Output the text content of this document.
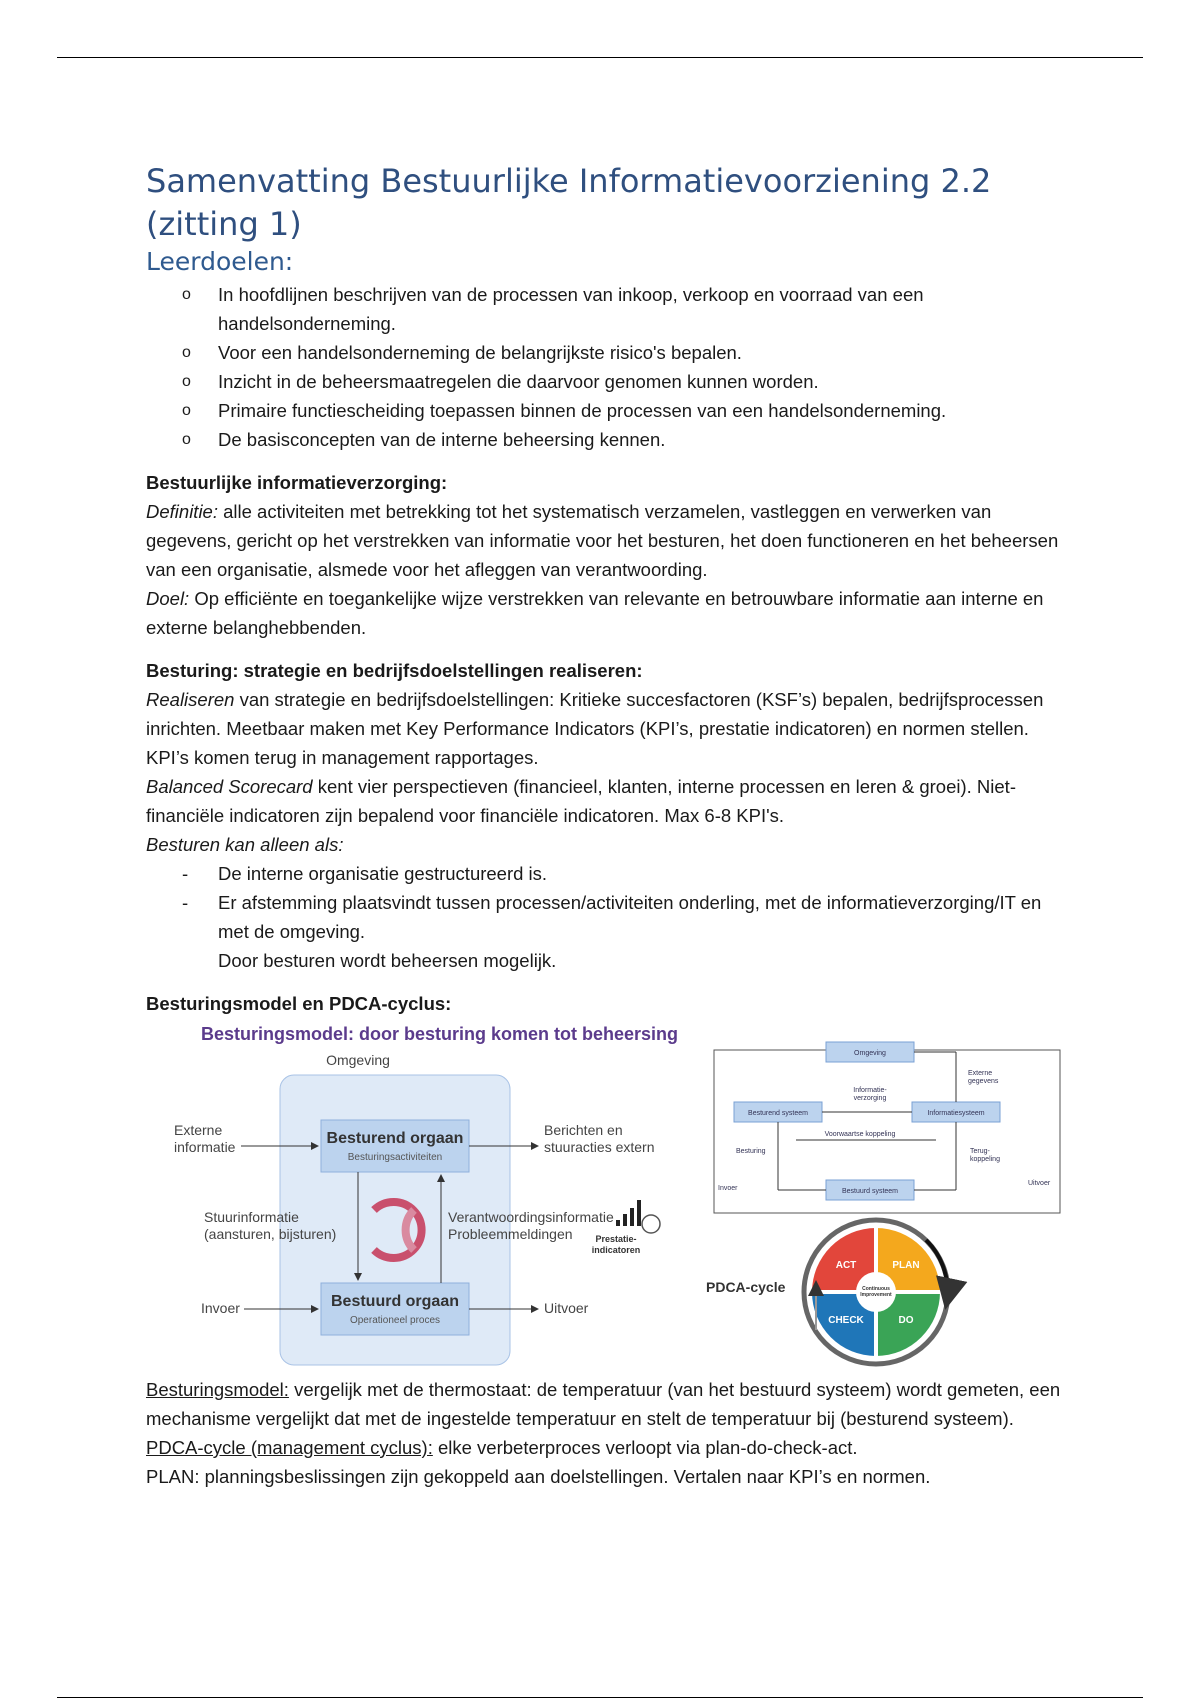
Samenvatting Bestuurlijke Informatievoorziening 2.2 (zitting 1)
Leerdoelen:
o In hoofdlijnen beschrijven van de processen van inkoop, verkoop en voorraad van een handelsonderneming.
o Voor een handelsonderneming de belangrijkste risico's bepalen.
o Inzicht in de beheersmaatregelen die daarvoor genomen kunnen worden.
o Primaire functiescheiding toepassen binnen de processen van een handelsonderneming.
o De basisconcepten van de interne beheersing kennen.
Bestuurlijke informatieverzorging:
Definitie: alle activiteiten met betrekking tot het systematisch verzamelen, vastleggen en verwerken van gegevens, gericht op het verstrekken van informatie voor het besturen, het doen functioneren en het beheersen van een organisatie, alsmede voor het afleggen van verantwoording.
Doel: Op efficiënte en toegankelijke wijze verstrekken van relevante en betrouwbare informatie aan interne en externe belanghebbenden.
Besturing: strategie en bedrijfsdoelstellingen realiseren:
Realiseren van strategie en bedrijfsdoelstellingen: Kritieke succesfactoren (KSF’s) bepalen, bedrijfsprocessen inrichten. Meetbaar maken met Key Performance Indicators (KPI’s, prestatie indicatoren) en normen stellen. KPI’s komen terug in management rapportages.
Balanced Scorecard kent vier perspectieven (financieel, klanten, interne processen en leren & groei). Niet-financiële indicatoren zijn bepalend voor financiële indicatoren. Max 6-8 KPI's.
Besturen kan alleen als:
- De interne organisatie gestructureerd is.
- Er afstemming plaatsvindt tussen processen/activiteiten onderling, met de informatieverzorging/IT en met de omgeving.
Door besturen wordt beheersen mogelijk.
Besturingsmodel en PDCA-cyclus:
Besturingsmodel: door besturing komen tot beheersing
Omgeving
Besturend orgaan
Besturingsactiviteiten
Bestuurd orgaan
Operationeel proces
Externe informatie
Berichten en stuuracties extern
Stuurinformatie (aansturen, bijsturen)
Verantwoordingsinformatie Probleemmeldingen	Prestatie-indicatoren
Invoer	Uitvoer
Omgeving
Besturend systeem	Informatiesysteem
Bestuurd systeem
Externe gegevens
Informatie-verzorging
Voorwaartse koppeling
Besturing	Terug-koppeling
Invoer
Uitvoer
PDCA-cycle	Continuous Improvement
ACT	PLAN
CHECK	DO
Besturingsmodel: vergelijk met de thermostaat: de temperatuur (van het bestuurd systeem) wordt gemeten, een mechanisme vergelijkt dat met de ingestelde temperatuur en stelt de temperatuur bij (besturend systeem).
PDCA-cycle (management cyclus): elke verbeterproces verloopt via plan-do-check-act.
PLAN: planningsbeslissingen zijn gekoppeld aan doelstellingen. Vertalen naar KPI’s en normen.
